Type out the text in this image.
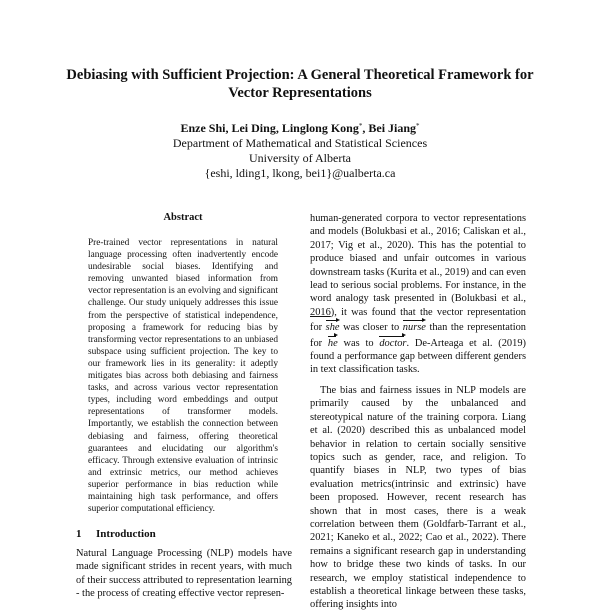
Debiasing with Sufficient Projection: A General Theoretical Framework for
Vector Representations
Enze Shi, Lei Ding, Linglong Kong*, Bei Jiang*
Department of Mathematical and Statistical Sciences
University of Alberta
{eshi, lding1, lkong, bei1}@ualberta.ca
Abstract
Pre-trained vector representations in natural language processing often inadvertently encode undesirable social biases. Identifying and removing unwanted biased information from vector representation is an evolving and significant challenge. Our study uniquely addresses this issue from the perspective of statistical independence, proposing a framework for reducing bias by transforming vector representations to an unbiased subspace using sufficient projection. The key to our framework lies in its generality: it adeptly mitigates bias across both debiasing and fairness tasks, and across various vector representation types, including word embeddings and output representations of transformer models. Importantly, we establish the connection between debiasing and fairness, offering theoretical guarantees and elucidating our algorithm's efficacy. Through extensive evaluation of intrinsic and extrinsic metrics, our method achieves superior performance in bias reduction while maintaining high task performance, and offers superior computational efficiency.
1 Introduction
Natural Language Processing (NLP) models have made significant strides in recent years, with much of their success attributed to representation learning - the process of creating effective vector represen-

human-generated corpora to vector representations and models (Bolukbasi et al., 2016; Caliskan et al., 2017; Vig et al., 2020). This has the potential to produce biased and unfair outcomes in various downstream tasks (Kurita et al., 2019) and can even lead to serious social problems. For instance, in the word analogy task presented in (Bolukbasi et al., 2016), it was found that the vector representation for she was closer to nurse than the representation for he was to doctor. De-Arteaga et al. (2019) found a performance gap between different genders in text classification tasks.

The bias and fairness issues in NLP models are primarily caused by the unbalanced and stereotypical nature of the training corpora. Liang et al. (2020) described this as unbalanced model behavior in relation to certain socially sensitive topics such as gender, race, and religion. To quantify biases in NLP, two types of bias evaluation metrics(intrinsic and extrinsic) have been proposed. However, recent research has shown that in most cases, there is a weak correlation between them (Goldfarb-Tarrant et al., 2021; Kaneko et al., 2022; Cao et al., 2022). There remains a significant research gap in understanding how to bridge these two kinds of tasks. In our research, we employ statistical independence to establish a theoretical linkage between these tasks, offering insights into
